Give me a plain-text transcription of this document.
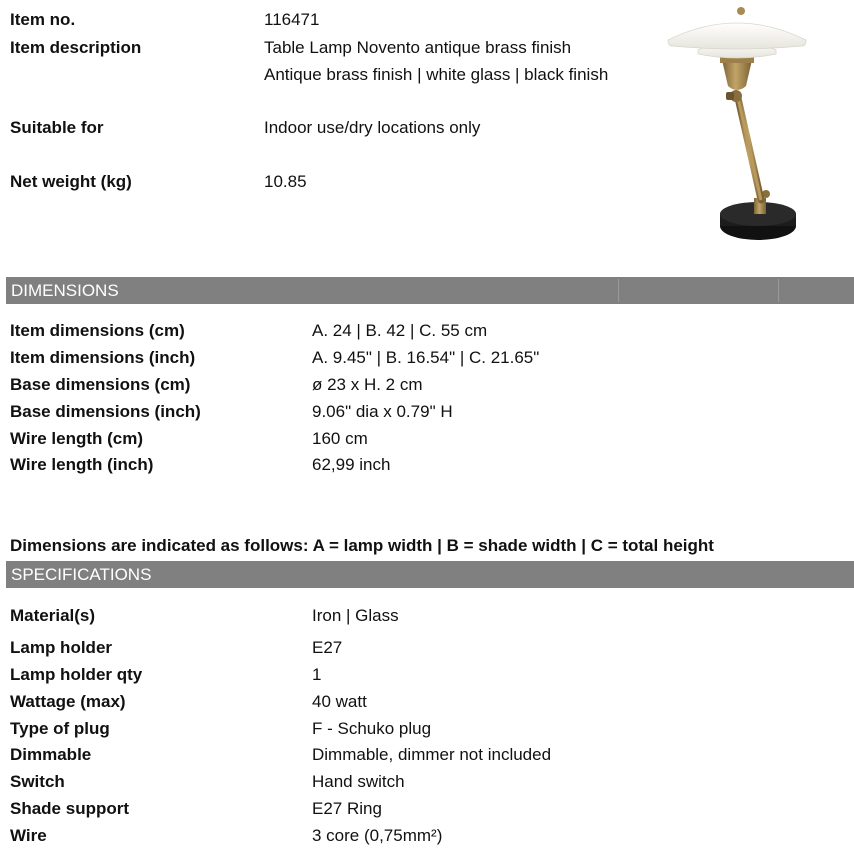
Item no.	116471
Item description	Table Lamp Novento antique brass finish
Antique brass finish | white glass | black finish
Suitable for	Indoor use/dry locations only
Net weight (kg)	10.85
DIMENSIONS
Item dimensions (cm)	A. 24 | B. 42 | C. 55 cm
Item dimensions (inch)	A. 9.45" | B. 16.54" | C. 21.65"
Base dimensions (cm)	ø 23 x H. 2 cm
Base dimensions (inch)	9.06" dia x 0.79" H
Wire length (cm)	160 cm
Wire length (inch)	62,99 inch
Dimensions are indicated as follows: A = lamp width | B = shade width | C = total height
SPECIFICATIONS
Material(s)	Iron | Glass
Lamp holder	E27
Lamp holder qty	1
Wattage (max)	40 watt
Type of plug	F - Schuko plug
Dimmable	Dimmable, dimmer not included
Switch	Hand switch
Shade support	E27 Ring
Wire	3 core (0,75mm²)
